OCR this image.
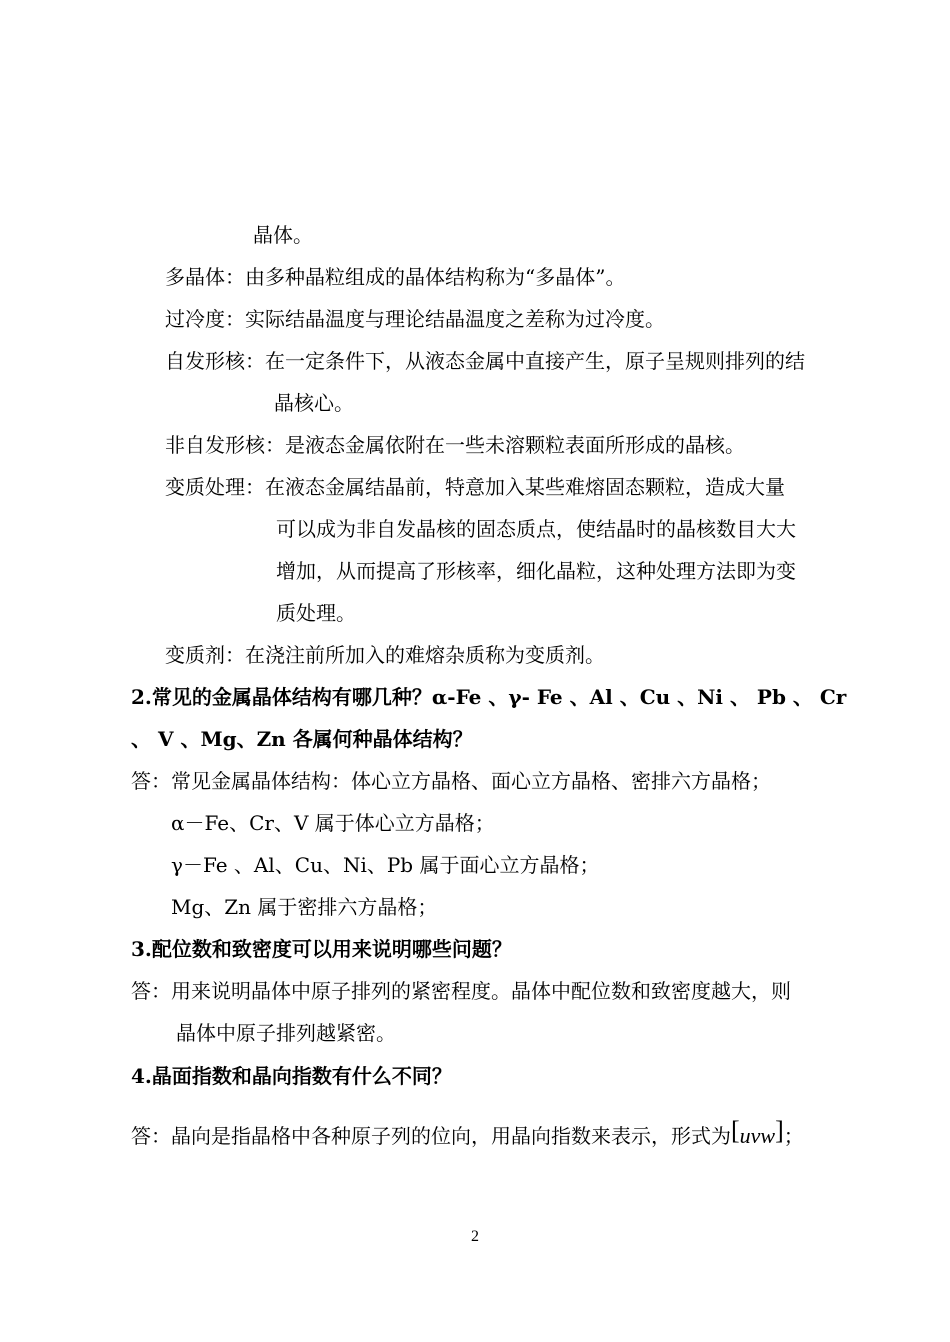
晶体。
多晶体：由多种晶粒组成的晶体结构称为“多晶体”。
过冷度：实际结晶温度与理论结晶温度之差称为过冷度。
自发形核：在一定条件下，从液态金属中直接产生，原子呈规则排列的结
晶核心。
非自发形核：是液态金属依附在一些未溶颗粒表面所形成的晶核。
变质处理：在液态金属结晶前，特意加入某些难熔固态颗粒，造成大量
可以成为非自发晶核的固态质点，使结晶时的晶核数目大大
增加，从而提高了形核率，细化晶粒，这种处理方法即为变
质处理。
变质剂：在浇注前所加入的难熔杂质称为变质剂。
2.常见的金属晶体结构有哪几种？α-Fe 、γ- Fe 、Al 、Cu 、Ni 、 Pb 、 Cr
、 V 、Mg、Zn 各属何种晶体结构？
答：常见金属晶体结构：体心立方晶格、面心立方晶格、密排六方晶格；
α－Fe、Cr、V 属于体心立方晶格；
γ－Fe 、Al、Cu、Ni、Pb 属于面心立方晶格；
Mg、Zn 属于密排六方晶格；
3.配位数和致密度可以用来说明哪些问题？
答：用来说明晶体中原子排列的紧密程度。晶体中配位数和致密度越大，则
晶体中原子排列越紧密。
4.晶面指数和晶向指数有什么不同？
答：晶向是指晶格中各种原子列的位向，用晶向指数来表示，形式为[uvw]；
2
